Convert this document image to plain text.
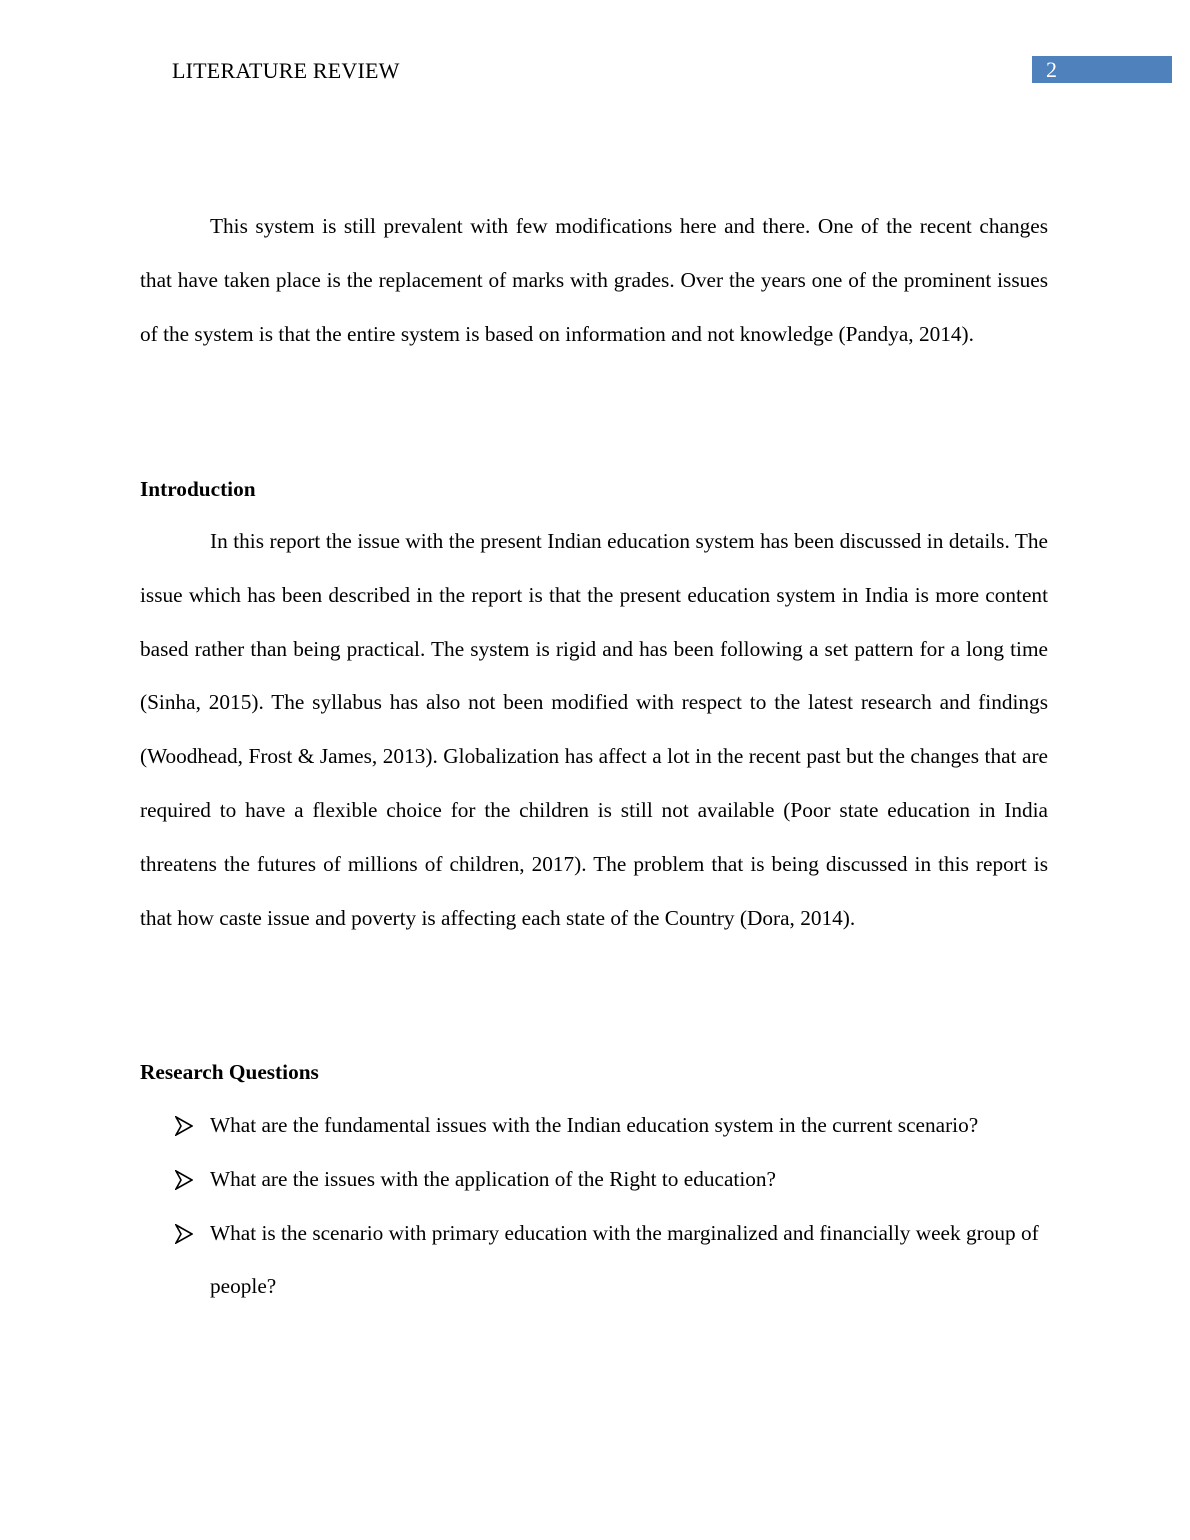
LITERATURE REVIEW	2

This system is still prevalent with few modifications here and there. One of the recent changes that have taken place is the replacement of marks with grades. Over the years one of the prominent issues of the system is that the entire system is based on information and not knowledge (Pandya, 2014).

Introduction

In this report the issue with the present Indian education system has been discussed in details. The issue which has been described in the report is that the present education system in India is more content based rather than being practical. The system is rigid and has been following a set pattern for a long time (Sinha, 2015). The syllabus has also not been modified with respect to the latest research and findings (Woodhead, Frost & James, 2013). Globalization has affect a lot in the recent past but the changes that are required to have a flexible choice for the children is still not available (Poor state education in India threatens the futures of millions of children, 2017). The problem that is being discussed in this report is that how caste issue and poverty is affecting each state of the Country (Dora, 2014).

Research Questions
What are the fundamental issues with the Indian education system in the current scenario?
What are the issues with the application of the Right to education?
What is the scenario with primary education with the marginalized and financially week group of people?
